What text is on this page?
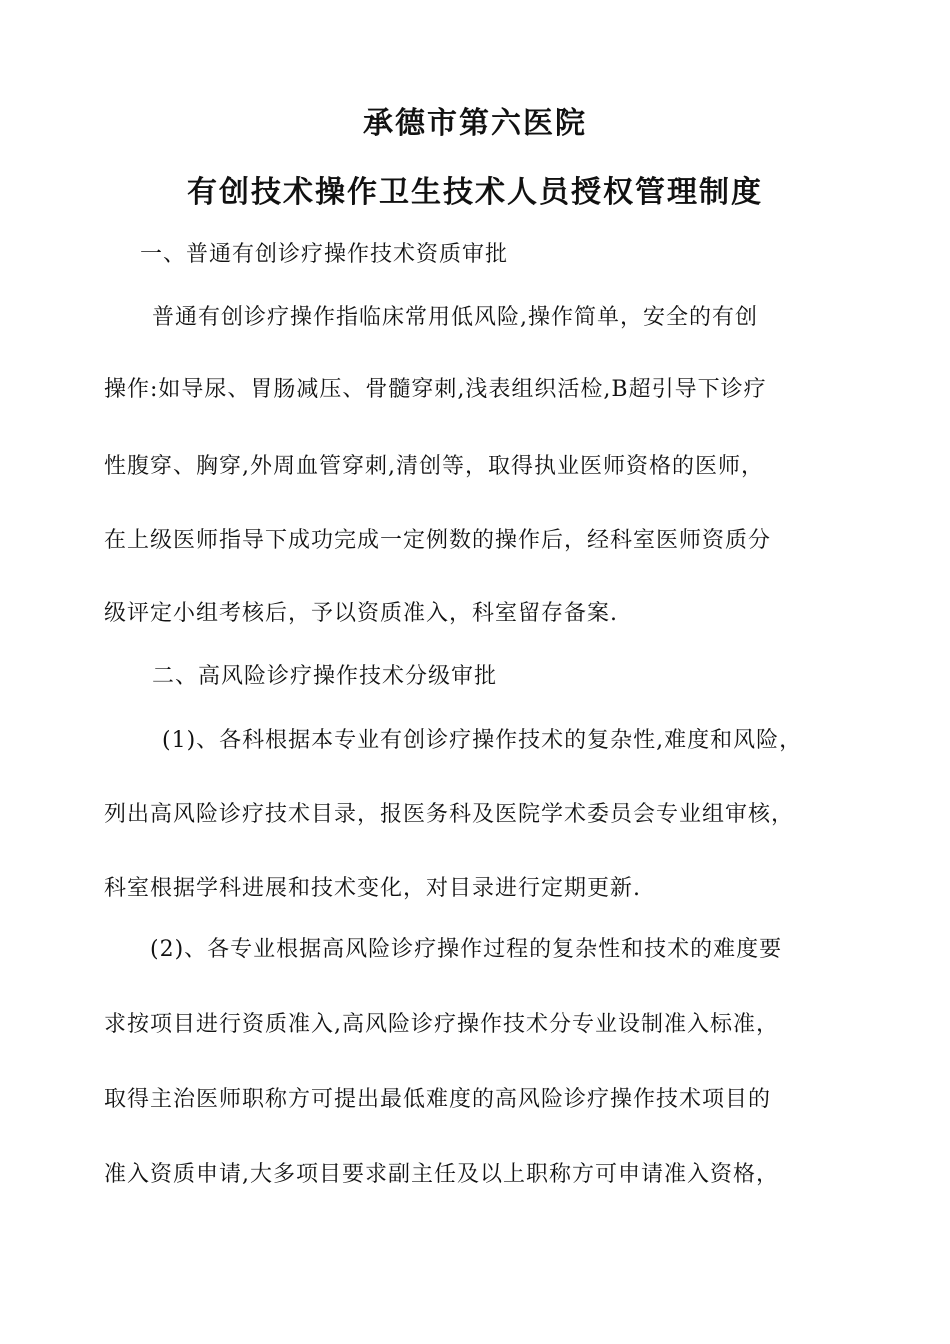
承德市第六医院
有创技术操作卫生技术人员授权管理制度

一、普通有创诊疗操作技术资质审批

普通有创诊疗操作指临床常用低风险,操作简单，安全的有创

操作:如导尿、胃肠减压、骨髓穿刺,浅表组织活检,B超引导下诊疗

性腹穿、胸穿,外周血管穿刺,清创等，取得执业医师资格的医师，

在上级医师指导下成功完成一定例数的操作后，经科室医师资质分

级评定小组考核后，予以资质准入，科室留存备案.

二、高风险诊疗操作技术分级审批

(1)、各科根据本专业有创诊疗操作技术的复杂性,难度和风险，

列出高风险诊疗技术目录，报医务科及医院学术委员会专业组审核，

科室根据学科进展和技术变化，对目录进行定期更新.

(2)、各专业根据高风险诊疗操作过程的复杂性和技术的难度要

求按项目进行资质准入,高风险诊疗操作技术分专业设制准入标准，

取得主治医师职称方可提出最低难度的高风险诊疗操作技术项目的

准入资质申请,大多项目要求副主任及以上职称方可申请准入资格，
